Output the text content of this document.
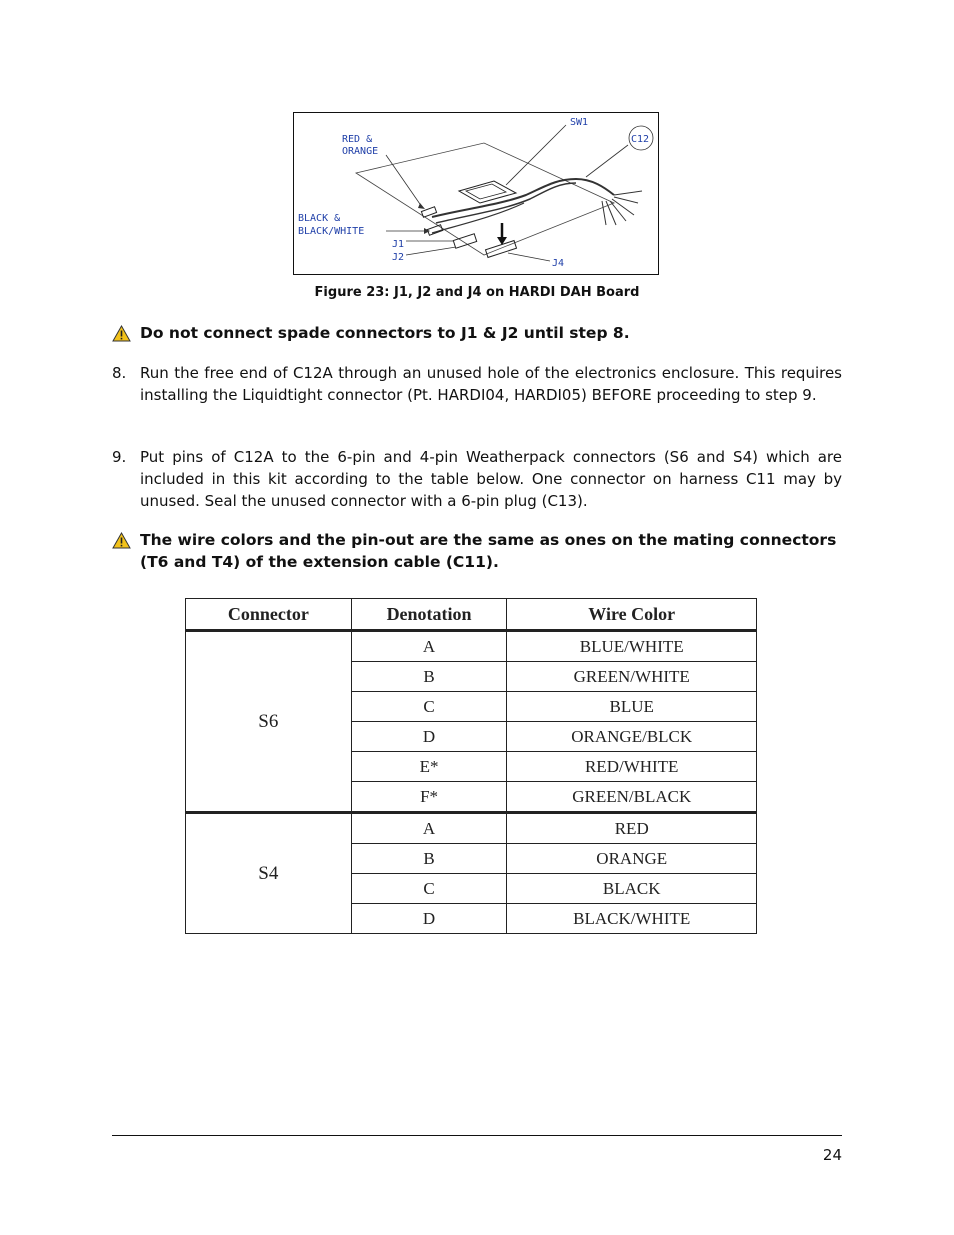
SW1
C12
RED &
ORANGE
BLACK &
BLACK/WHITE
J1
J2
J4
Figure 23: J1, J2 and J4 on HARDI DAH Board
Do not connect spade connectors to J1 & J2 until step 8.
8. Run the free end of C12A through an unused hole of the electronics enclosure. This requires installing the Liquidtight connector (Pt. HARDI04, HARDI05) BEFORE proceeding to step 9.
9. Put pins of C12A to the 6-pin and 4-pin Weatherpack connectors (S6 and S4) which are included in this kit according to the table below. One connector on harness C11 may by unused. Seal the unused connector with a 6-pin plug (C13).
The wire colors and the pin-out are the same as ones on the mating connectors (T6 and T4) of the extension cable (C11).
Connector	Denotation	Wire Color
S6	A	BLUE/WHITE
	B	GREEN/WHITE
	C	BLUE
	D	ORANGE/BLCK
	E*	RED/WHITE
	F*	GREEN/BLACK
S4	A	RED
	B	ORANGE
	C	BLACK
	D	BLACK/WHITE
24
